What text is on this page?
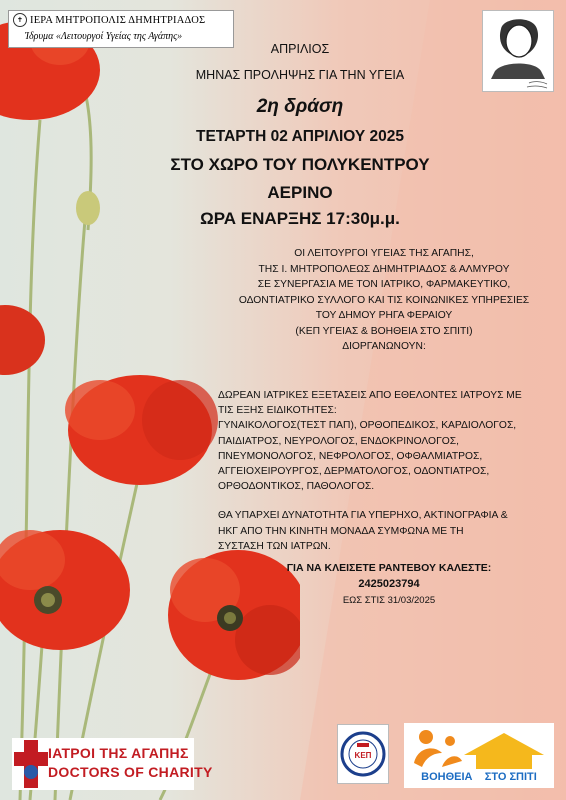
✝ ΙΕΡΑ ΜΗΤΡΟΠΟΛΙΣ ΔΗΜΗΤΡΙΑΔΟΣ
Ίδρυμα «Λειτουργοί Υγείας της Αγάπης»
ΑΠΡΙΛΙΟΣ
ΜΗΝΑΣ ΠΡΟΛΗΨΗΣ ΓΙΑ ΤΗΝ ΥΓΕΙΑ
2η δράση
ΤΕΤΑΡΤΗ 02 ΑΠΡΙΛΙΟΥ 2025
ΣΤΟ ΧΩΡΟ ΤΟΥ ΠΟΛΥΚΕΝΤΡΟΥ
ΑΕΡΙΝΟ
ΩΡΑ ΕΝΑΡΞΗΣ 17:30μ.μ.
ΟΙ ΛΕΙΤΟΥΡΓΟΙ ΥΓΕΙΑΣ ΤΗΣ ΑΓΑΠΗΣ,
ΤΗΣ Ι. ΜΗΤΡΟΠΟΛΕΩΣ ΔΗΜΗΤΡΙΑΔΟΣ & ΑΛΜΥΡΟΥ
ΣΕ ΣΥΝΕΡΓΑΣΙΑ ΜΕ ΤΟΝ ΙΑΤΡΙΚΟ, ΦΑΡΜΑΚΕΥΤΙΚΟ,
ΟΔΟΝΤΙΑΤΡΙΚΟ ΣΥΛΛΟΓΟ ΚΑΙ ΤΙΣ ΚΟΙΝΩΝΙΚΕΣ ΥΠΗΡΕΣΙΕΣ
ΤΟΥ ΔΗΜΟΥ ΡΗΓΑ ΦΕΡΑΙΟΥ
(ΚΕΠ ΥΓΕΙΑΣ & ΒΟΗΘΕΙΑ ΣΤΟ ΣΠΙΤΙ)
ΔΙΟΡΓΑΝΩΝΟΥΝ:

ΔΩΡΕΑΝ ΙΑΤΡΙΚΕΣ ΕΞΕΤΑΣΕΙΣ ΑΠΟ ΕΘΕΛΟΝΤΕΣ ΙΑΤΡΟΥΣ ΜΕ

ΤΙΣ ΕΞΗΣ ΕΙΔΙΚΟΤΗΤΕΣ:

ΓΥΝΑΙΚΟΛΟΓΟΣ(ΤΕΣΤ ΠΑΠ), ΟΡΘΟΠΕΔΙΚΟΣ, ΚΑΡΔΙΟΛΟΓΟΣ,

ΠΑΙΔΙΑΤΡΟΣ, ΝΕΥΡΟΛΟΓΟΣ, ΕΝΔΟΚΡΙΝΟΛΟΓΟΣ,

ΠΝΕΥΜΟΝΟΛΟΓΟΣ, ΝΕΦΡΟΛΟΓΟΣ, ΟΦΘΑΛΜΙΑΤΡΟΣ,

ΑΓΓΕΙΟΧΕΙΡΟΥΡΓΟΣ, ΔΕΡΜΑΤΟΛΟΓΟΣ, ΟΔΟΝΤΙΑΤΡΟΣ,

ΟΡΘΟΔΟΝΤΙΚΟΣ, ΠΑΘΟΛΟΓΟΣ.

ΘΑ ΥΠΑΡΧΕΙ ΔΥΝΑΤΟΤΗΤΑ ΓΙΑ ΥΠΕΡΗΧΟ, ΑΚΤΙΝΟΓΡΑΦΙΑ &

ΗΚΓ ΑΠΟ ΤΗΝ ΚΙΝΗΤΗ ΜΟΝΑΔΑ ΣΥΜΦΩΝΑ ΜΕ ΤΗ

ΣΥΣΤΑΣΗ ΤΩΝ ΙΑΤΡΩΝ.

ΓΙΑ ΝΑ ΚΛΕΙΣΕΤΕ ΡΑΝΤΕΒΟΥ ΚΑΛΕΣΤΕ:
2425023794
ΕΩΣ ΣΤΙΣ 31/03/2025
ΙΑΤΡΟΙ ΤΗΣ ΑΓΑΠΗΣ
DOCTORS OF CHARITY
ΚΕΠ
ΒΟΗΘΕΙΑ ΣΤΟ ΣΠΙΤΙ
